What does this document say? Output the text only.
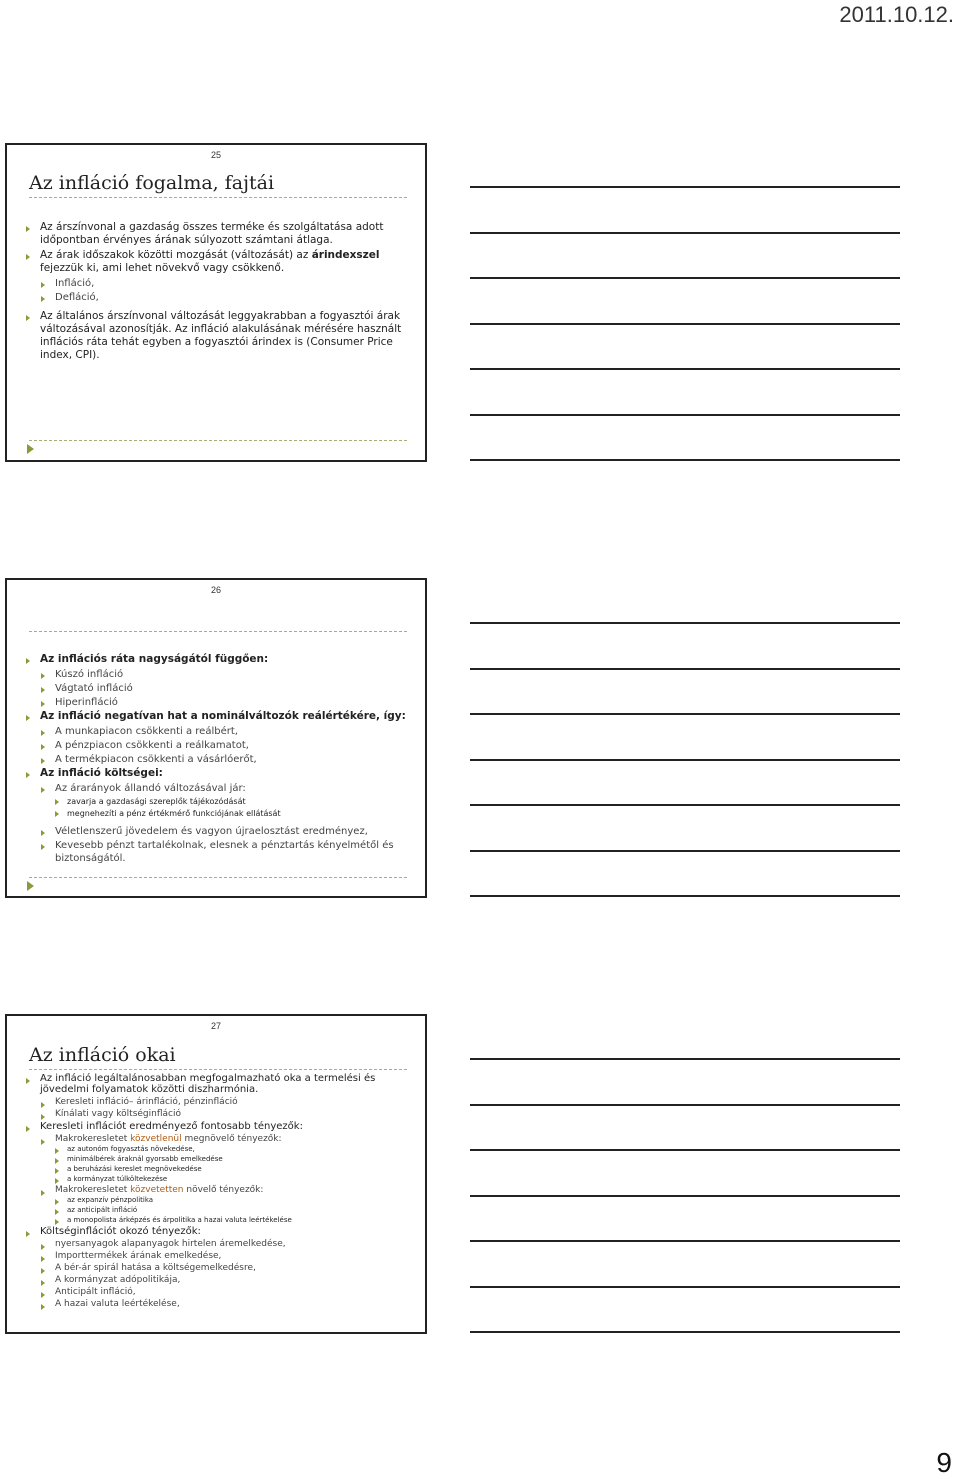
2011.10.12.
25
Az infláció fogalma, fajtái
Az árszínvonal a gazdaság összes terméke és szolgáltatása adott időpontban érvényes árának súlyozott számtani átlaga.
Az árak időszakok közötti mozgását (változását) az árindexszel fejezzük ki, ami lehet növekvő vagy csökkenő.
Infláció,
Defláció,
Az általános árszínvonal változását leggyakrabban a fogyasztói árak változásával azonosítják. Az infláció alakulásának mérésére használt inflációs ráta tehát egyben a fogyasztói árindex is (Consumer Price index, CPI).
26
Az inflációs ráta nagyságától függően:
Kúszó infláció
Vágtató infláció
Hiperinfláció
Az infláció negatívan hat a nominálváltozók reálértékére, így:
A munkapiacon csökkenti a reálbért,
A pénzpiacon csökkenti a reálkamatot,
A termékpiacon csökkenti a vásárlóerőt,
Az infláció költségei:
Az árarányok állandó változásával jár:
zavarja a gazdasági szereplők tájékozódását
megnehezíti a pénz értékmérő funkciójának ellátását
Véletlenszerű jövedelem és vagyon újraelosztást eredményez,
Kevesebb pénzt tartalékolnak, elesnek a pénztartás kényelmétől és biztonságától.
27
Az infláció okai
Az infláció legáltalánosabban megfogalmazható oka a termelési és jövedelmi folyamatok közötti diszharmónia.
Keresleti infláció– árinfláció, pénzinfláció
Kínálati vagy költséginfláció
Keresleti inflációt eredményező fontosabb tényezők:
Makrokeresletet közvetlenül megnövelő tényezők:
az autonóm fogyasztás növekedése,
minimálbérek áraknál gyorsabb emelkedése
a beruházási kereslet megnövekedése
a kormányzat túlköltekezése
Makrokeresletet közvetetten növelő tényezők:
az expanzív pénzpolitika
az anticipált infláció
a monopolista árképzés és árpolitika a hazai valuta leértékelése
Költséginflációt okozó tényezők:
nyersanyagok alapanyagok hirtelen áremelkedése,
Importtermékek árának emelkedése,
A bér-ár spirál hatása a költségemelkedésre,
A kormányzat adópolitikája,
Anticipált infláció,
A hazai valuta leértékelése,
9
